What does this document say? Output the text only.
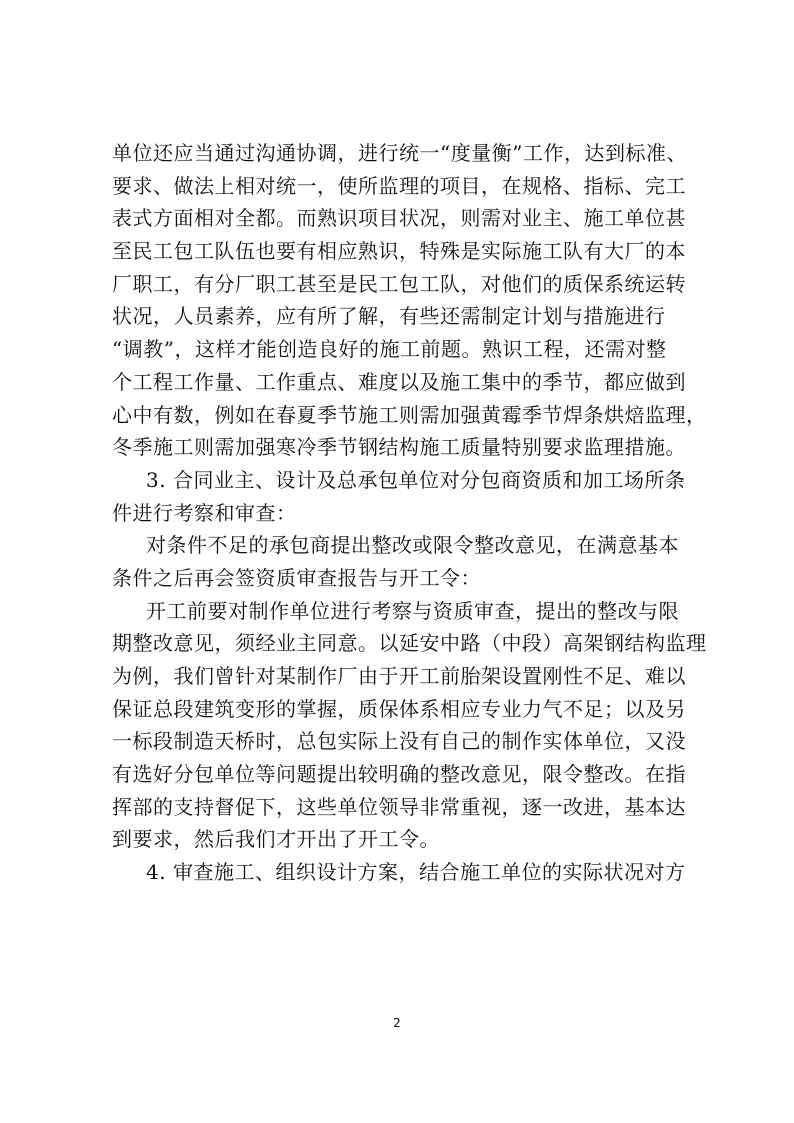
单位还应当通过沟通协调，进行统一“度量衡”工作，达到标准、
要求、做法上相对统一，使所监理的项目，在规格、指标、完工
表式方面相对全都。而熟识项目状况，则需对业主、施工单位甚
至民工包工队伍也要有相应熟识，特殊是实际施工队有大厂的本
厂职工，有分厂职工甚至是民工包工队，对他们的质保系统运转
状况，人员素养，应有所了解，有些还需制定计划与措施进行
“调教”，这样才能创造良好的施工前题。熟识工程，还需对整
个工程工作量、工作重点、难度以及施工集中的季节，都应做到
心中有数，例如在春夏季节施工则需加强黄霉季节焊条烘焙监理，
冬季施工则需加强寒冷季节钢结构施工质量特别要求监理措施。
3. 合同业主、设计及总承包单位对分包商资质和加工场所条
件进行考察和审查：
对条件不足的承包商提出整改或限令整改意见，在满意基本
条件之后再会签资质审查报告与开工令：
开工前要对制作单位进行考察与资质审查，提出的整改与限
期整改意见，须经业主同意。以延安中路（中段）高架钢结构监理
为例，我们曾针对某制作厂由于开工前胎架设置刚性不足、难以
保证总段建筑变形的掌握，质保体系相应专业力气不足；以及另
一标段制造天桥时，总包实际上没有自己的制作实体单位，又没
有选好分包单位等问题提出较明确的整改意见，限令整改。在指
挥部的支持督促下，这些单位领导非常重视，逐一改进，基本达
到要求，然后我们才开出了开工令。
4. 审查施工、组织设计方案，结合施工单位的实际状况对方
2
